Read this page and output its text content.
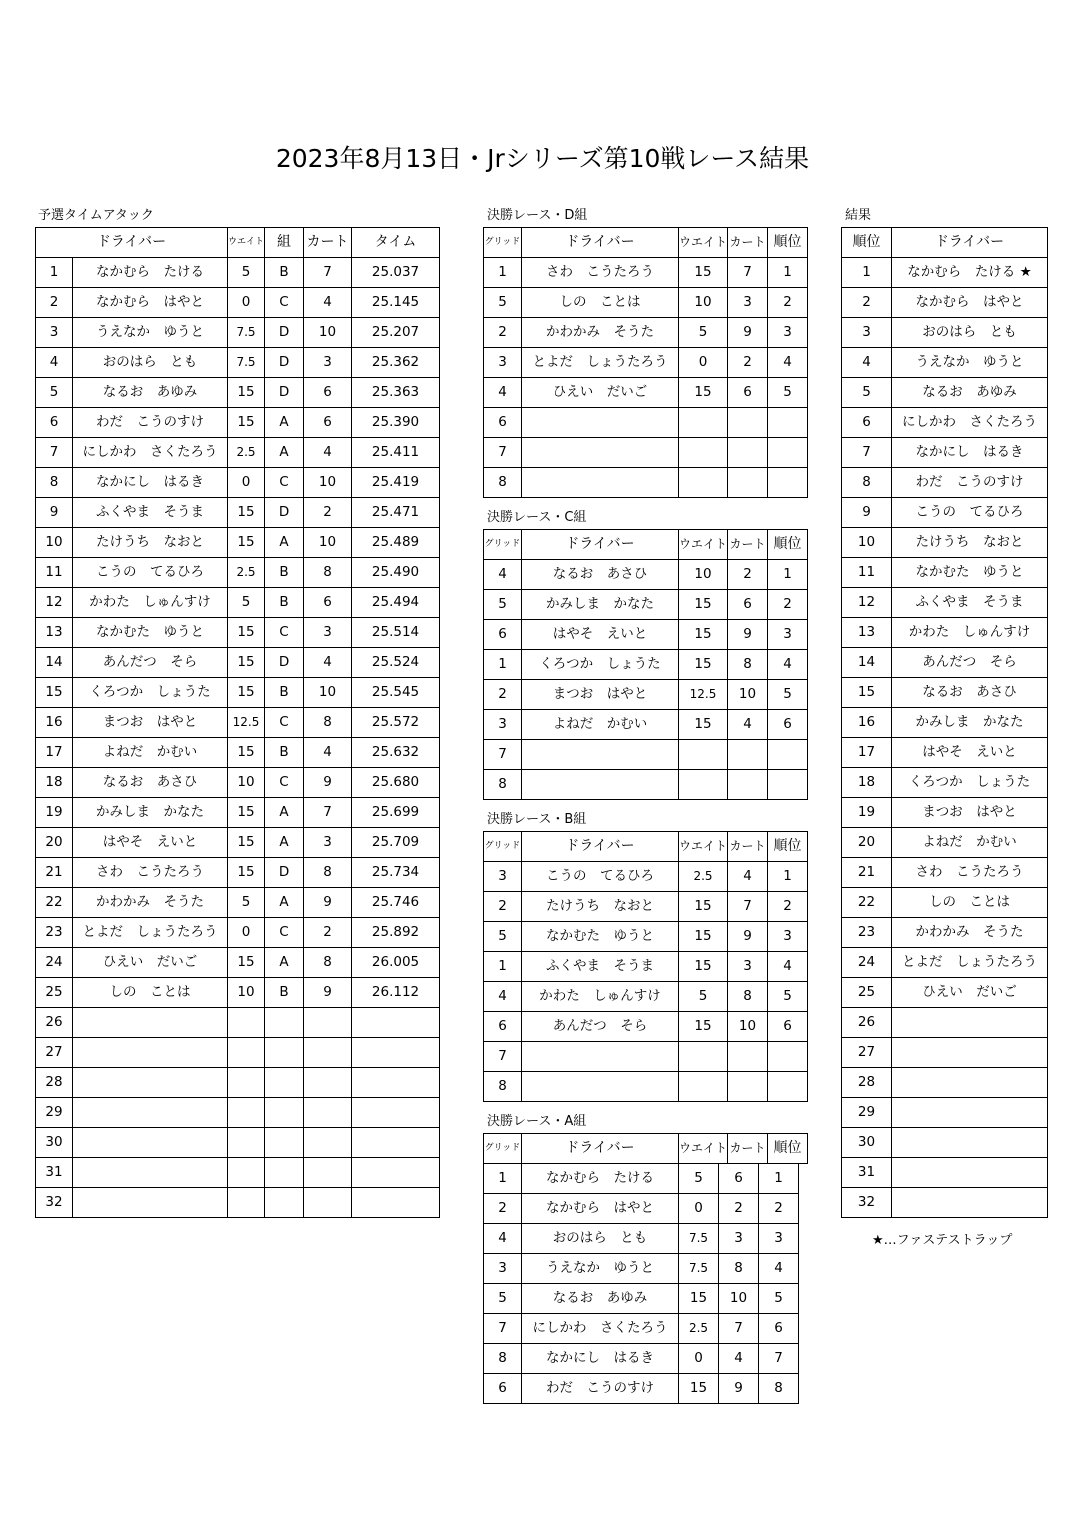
2023年8月13日・Jrシリーズ第10戦レース結果
予選タイムアタック
ドライバー		ウエイト	組	カート	タイム
1	なかむら　たける	5	B	7	25.037
2	なかむら　はやと	0	C	4	25.145
3	うえなか　ゆうと	7.5	D	10	25.207
4	おのはら　とも	7.5	D	3	25.362
5	なるお　あゆみ	15	D	6	25.363
6	わだ　こうのすけ	15	A	6	25.390
7	にしかわ　さくたろう	2.5	A	4	25.411
8	なかにし　はるき	0	C	10	25.419
9	ふくやま　そうま	15	D	2	25.471
10	たけうち　なおと	15	A	10	25.489
11	こうの　てるひろ	2.5	B	8	25.490
12	かわた　しゅんすけ	5	B	6	25.494
13	なかむた　ゆうと	15	C	3	25.514
14	あんだつ　そら	15	D	4	25.524
15	くろつか　しょうた	15	B	10	25.545
16	まつお　はやと	12.5	C	8	25.572
17	よねだ　かむい	15	B	4	25.632
18	なるお　あさひ	10	C	9	25.680
19	かみしま　かなた	15	A	7	25.699
20	はやそ　えいと	15	A	3	25.709
21	さわ　こうたろう	15	D	8	25.734
22	かわかみ　そうた	5	A	9	25.746
23	とよだ　しょうたろう	0	C	2	25.892
24	ひえい　だいご	15	A	8	26.005
25	しの　ことは	10	B	9	26.112
26					
27					
28					
29					
30					
31					
32					
決勝レース・D組
グリッド	ドライバー	ウエイト	カート	順位
1	さわ　こうたろう	15	7	1
5	しの　ことは	10	3	2
2	かわかみ　そうた	5	9	3
3	とよだ　しょうたろう	0	2	4
4	ひえい　だいご	15	6	5
6				
7				
8				
決勝レース・C組
グリッド	ドライバー	ウエイト	カート	順位
4	なるお　あさひ	10	2	1
5	かみしま　かなた	15	6	2
6	はやそ　えいと	15	9	3
1	くろつか　しょうた	15	8	4
2	まつお　はやと	12.5	10	5
3	よねだ　かむい	15	4	6
7				
8				
決勝レース・B組
グリッド	ドライバー	ウエイト	カート	順位
3	こうの　てるひろ	2.5	4	1
2	たけうち　なおと	15	7	2
5	なかむた　ゆうと	15	9	3
1	ふくやま　そうま	15	3	4
4	かわた　しゅんすけ	5	8	5
6	あんだつ　そら	15	10	6
7				
8				
決勝レース・A組
グリッド	ドライバー	ウエイト	カート	順位
1	なかむら　たける	5	6	1
2	なかむら　はやと	0	2	2
4	おのはら　とも	7.5	3	3
3	うえなか　ゆうと	7.5	8	4
5	なるお　あゆみ	15	10	5
7	にしかわ　さくたろう	2.5	7	6
8	なかにし　はるき	0	4	7
6	わだ　こうのすけ	15	9	8
結果
順位	ドライバー
1	なかむら　たける ★
2	なかむら　はやと
3	おのはら　とも
4	うえなか　ゆうと
5	なるお　あゆみ
6	にしかわ　さくたろう
7	なかにし　はるき
8	わだ　こうのすけ
9	こうの　てるひろ
10	たけうち　なおと
11	なかむた　ゆうと
12	ふくやま　そうま
13	かわた　しゅんすけ
14	あんだつ　そら
15	なるお　あさひ
16	かみしま　かなた
17	はやそ　えいと
18	くろつか　しょうた
19	まつお　はやと
20	よねだ　かむい
21	さわ　こうたろう
22	しの　ことは
23	かわかみ　そうた
24	とよだ　しょうたろう
25	ひえい　だいご
26	
27	
28	
29	
30	
31	
32	
★…ファステストラップ
